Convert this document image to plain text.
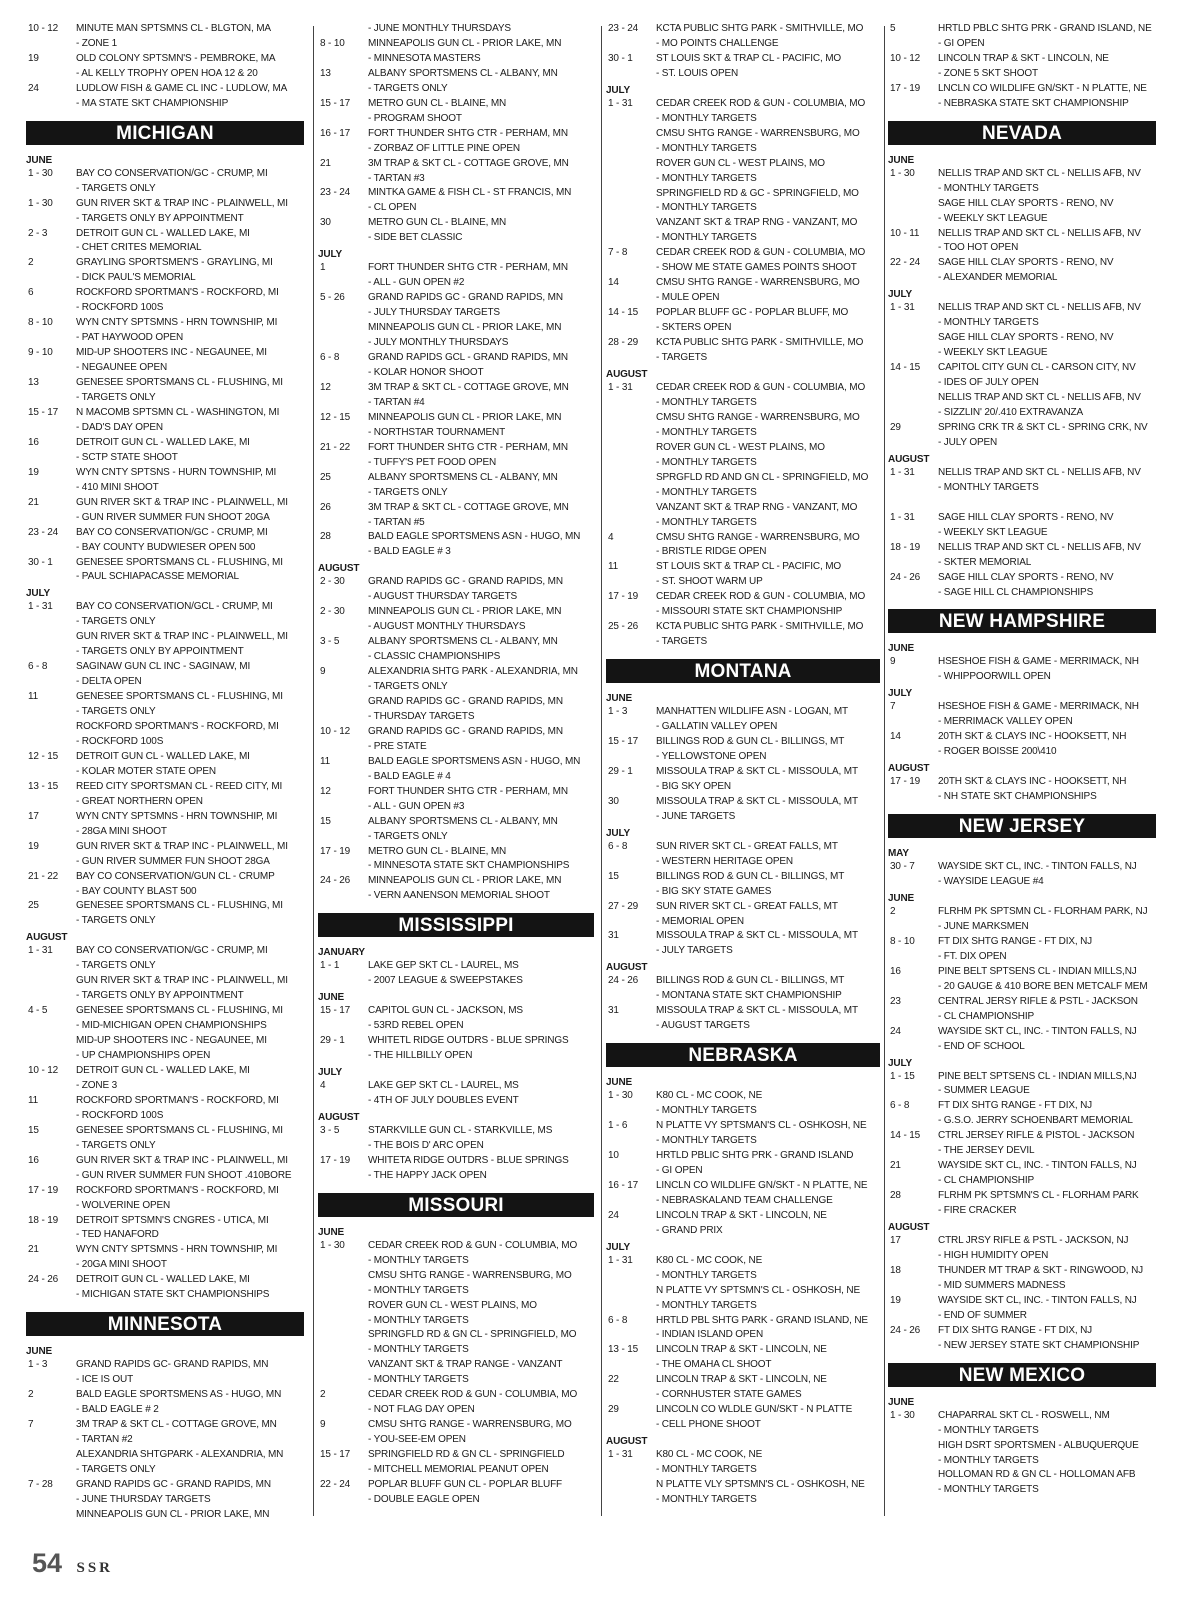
10 - 12 MINUTE MAN SPTSMNS CL - BLGTON, MA
- ZONE 1
19	OLD COLONY SPTSMN'S - PEMBROKE, MA
- AL KELLY TROPHY OPEN HOA 12 & 20
24	LUDLOW FISH & GAME CL INC - LUDLOW, MA
- MA STATE SKT CHAMPIONSHIP
MICHIGAN
JUNE
1 - 30 BAY CO CONSERVATION/GC - CRUMP, MI
- TARGETS ONLY
1 - 30 GUN RIVER SKT & TRAP INC - PLAINWELL, MI
- TARGETS ONLY BY APPOINTMENT
2 - 3	DETROIT GUN CL - WALLED LAKE, MI
- CHET CRITES MEMORIAL
2	GRAYLING SPORTSMEN'S - GRAYLING, MI
- DICK PAUL'S MEMORIAL
6	ROCKFORD SPORTMAN'S - ROCKFORD, MI
- ROCKFORD 100S
8 - 10 WYN CNTY SPTSMNS - HRN TOWNSHIP, MI
- PAT HAYWOOD OPEN
9 - 10 MID-UP SHOOTERS INC - NEGAUNEE, MI
- NEGAUNEE OPEN
13	GENESEE SPORTSMANS CL - FLUSHING, MI
- TARGETS ONLY
15 - 17 N MACOMB SPTSMN CL - WASHINGTON, MI
- DAD'S DAY OPEN
16	DETROIT GUN CL - WALLED LAKE, MI
- SCTP STATE SHOOT
19	WYN CNTY SPTSNS - HURN TOWNSHIP, MI
- 410 MINI SHOOT
21	GUN RIVER SKT & TRAP INC - PLAINWELL, MI
- GUN RIVER SUMMER FUN SHOOT 20GA
23 - 24 BAY CO CONSERVATION/GC - CRUMP, MI
- BAY COUNTY BUDWIESER OPEN 500
30 - 1 GENESEE SPORTSMANS CL - FLUSHING, MI
- PAUL SCHIAPACASSE MEMORIAL
JULY
1 - 31 BAY CO CONSERVATION/GCL - CRUMP, MI
- TARGETS ONLY
GUN RIVER SKT & TRAP INC - PLAINWELL, MI
- TARGETS ONLY BY APPOINTMENT
6 - 8	SAGINAW GUN CL INC - SAGINAW, MI
- DELTA OPEN
11	GENESEE SPORTSMANS CL - FLUSHING, MI
- TARGETS ONLY
ROCKFORD SPORTMAN'S - ROCKFORD, MI
- ROCKFORD 100S
12 - 15 DETROIT GUN CL - WALLED LAKE, MI
- KOLAR MOTER STATE OPEN
13 - 15 REED CITY SPORTSMAN CL - REED CITY, MI
- GREAT NORTHERN OPEN
17	WYN CNTY SPTSMNS - HRN TOWNSHIP, MI
- 28GA MINI SHOOT
19	GUN RIVER SKT & TRAP INC - PLAINWELL, MI
- GUN RIVER SUMMER FUN SHOOT 28GA
21 - 22 BAY CO CONSERVATION/GUN CL - CRUMP
- BAY COUNTY BLAST 500
25	GENESEE SPORTSMANS CL - FLUSHING, MI
- TARGETS ONLY
AUGUST
1 - 31 BAY CO CONSERVATION/GC - CRUMP, MI
- TARGETS ONLY
GUN RIVER SKT & TRAP INC - PLAINWELL, MI
- TARGETS ONLY BY APPOINTMENT
4 - 5	GENESEE SPORTSMANS CL - FLUSHING, MI
- MID-MICHIGAN OPEN CHAMPIONSHIPS
MID-UP SHOOTERS INC - NEGAUNEE, MI
- UP CHAMPIONSHIPS OPEN
10 - 12 DETROIT GUN CL - WALLED LAKE, MI
- ZONE 3
11	ROCKFORD SPORTMAN'S - ROCKFORD, MI
- ROCKFORD 100S
15	GENESEE SPORTSMANS CL - FLUSHING, MI
- TARGETS ONLY
16	GUN RIVER SKT & TRAP INC - PLAINWELL, MI
- GUN RIVER SUMMER FUN SHOOT .410BORE
17 - 19 ROCKFORD SPORTMAN'S - ROCKFORD, MI
- WOLVERINE OPEN
18 - 19 DETROIT SPTSMN'S CNGRES - UTICA, MI
- TED HANAFORD
21	WYN CNTY SPTSMNS - HRN TOWNSHIP, MI
- 20GA MINI SHOOT
24 - 26 DETROIT GUN CL - WALLED LAKE, MI
- MICHIGAN STATE SKT CHAMPIONSHIPS
MINNESOTA
JUNE
1 - 3	GRAND RAPIDS GC- GRAND RAPIDS, MN
- ICE IS OUT
2	BALD EAGLE SPORTSMENS AS - HUGO, MN
- BALD EAGLE # 2
7	3M TRAP & SKT CL - COTTAGE GROVE, MN
- TARTAN #2
ALEXANDRIA SHTGPARK - ALEXANDRIA, MN
- TARGETS ONLY
7 - 28 GRAND RAPIDS GC - GRAND RAPIDS, MN
- JUNE THURSDAY TARGETS
MINNEAPOLIS GUN CL - PRIOR LAKE, MN
- JUNE MONTHLY THURSDAYS
8 - 10 MINNEAPOLIS GUN CL - PRIOR LAKE, MN
- MINNESOTA MASTERS
13	ALBANY SPORTSMENS CL - ALBANY, MN
- TARGETS ONLY
15 - 17 METRO GUN CL - BLAINE, MN
- PROGRAM SHOOT
16 - 17 FORT THUNDER SHTG CTR - PERHAM, MN
- ZORBAZ OF LITTLE PINE OPEN
21	3M TRAP & SKT CL - COTTAGE GROVE, MN
- TARTAN #3
23 - 24 MINTKA GAME & FISH CL - ST FRANCIS, MN
- CL OPEN
30	METRO GUN CL - BLAINE, MN
- SIDE BET CLASSIC
JULY
1	FORT THUNDER SHTG CTR - PERHAM, MN
- ALL - GUN OPEN #2
5 - 26 GRAND RAPIDS GC - GRAND RAPIDS, MN
- JULY THURSDAY TARGETS
MINNEAPOLIS GUN CL - PRIOR LAKE, MN
- JULY MONTHLY THURSDAYS
6 - 8	GRAND RAPIDS GCL - GRAND RAPIDS, MN
- KOLAR HONOR SHOOT
12	3M TRAP & SKT CL - COTTAGE GROVE, MN
- TARTAN #4
12 - 15 MINNEAPOLIS GUN CL - PRIOR LAKE, MN
- NORTHSTAR TOURNAMENT
21 - 22 FORT THUNDER SHTG CTR - PERHAM, MN
- TUFFY'S PET FOOD OPEN
25	ALBANY SPORTSMENS CL - ALBANY, MN
- TARGETS ONLY
26	3M TRAP & SKT CL - COTTAGE GROVE, MN
- TARTAN #5
28	BALD EAGLE SPORTSMENS ASN - HUGO, MN
- BALD EAGLE # 3
AUGUST
2 - 30 GRAND RAPIDS GC - GRAND RAPIDS, MN
- AUGUST THURSDAY TARGETS
2 - 30 MINNEAPOLIS GUN CL - PRIOR LAKE, MN
- AUGUST MONTHLY THURSDAYS
3 - 5	ALBANY SPORTSMENS CL - ALBANY, MN
- CLASSIC CHAMPIONSHIPS
9	ALEXANDRIA SHTG PARK - ALEXANDRIA, MN
- TARGETS ONLY
GRAND RAPIDS GC - GRAND RAPIDS, MN
- THURSDAY TARGETS
10 - 12 GRAND RAPIDS GC - GRAND RAPIDS, MN
- PRE STATE
11	BALD EAGLE SPORTSMENS ASN - HUGO, MN
- BALD EAGLE # 4
12	FORT THUNDER SHTG CTR - PERHAM, MN
- ALL - GUN OPEN #3
15	ALBANY SPORTSMENS CL - ALBANY, MN
- TARGETS ONLY
17 - 19 METRO GUN CL - BLAINE, MN
- MINNESOTA STATE SKT CHAMPIONSHIPS
24 - 26 MINNEAPOLIS GUN CL - PRIOR LAKE, MN
- VERN AANENSON MEMORIAL SHOOT
MISSISSIPPI
JANUARY
1 - 1	LAKE GEP SKT CL - LAUREL, MS
- 2007 LEAGUE & SWEEPSTAKES
JUNE
15 - 17 CAPITOL GUN CL - JACKSON, MS
- 53RD REBEL OPEN
29 - 1 WHITETL RIDGE OUTDRS - BLUE SPRINGS
- THE HILLBILLY OPEN
JULY
4	LAKE GEP SKT CL - LAUREL, MS
- 4TH OF JULY DOUBLES EVENT
AUGUST
3 - 5	STARKVILLE GUN CL - STARKVILLE, MS
- THE BOIS D' ARC OPEN
17 - 19 WHITETA RIDGE OUTDRS - BLUE SPRINGS
- THE HAPPY JACK OPEN
MISSOURI
JUNE
1 - 30 CEDAR CREEK ROD & GUN - COLUMBIA, MO
- MONTHLY TARGETS
CMSU SHTG RANGE - WARRENSBURG, MO
- MONTHLY TARGETS
ROVER GUN CL - WEST PLAINS, MO
- MONTHLY TARGETS
SPRINGFLD RD & GN CL - SPRINGFIELD, MO
- MONTHLY TARGETS
VANZANT SKT & TRAP RANGE - VANZANT
- MONTHLY TARGETS
2	CEDAR CREEK ROD & GUN - COLUMBIA, MO
- NOT FLAG DAY OPEN
9	CMSU SHTG RANGE - WARRENSBURG, MO
- YOU-SEE-EM OPEN
15 - 17 SPRINGFIELD RD & GN CL - SPRINGFIELD
- MITCHELL MEMORIAL PEANUT OPEN
22 - 24 POPLAR BLUFF GUN CL - POPLAR BLUFF
- DOUBLE EAGLE OPEN
23 - 24 KCTA PUBLIC SHTG PARK - SMITHVILLE, MO
- MO POINTS CHALLENGE
30 - 1 ST LOUIS SKT & TRAP CL - PACIFIC, MO
- ST. LOUIS OPEN
JULY
1 - 31 CEDAR CREEK ROD & GUN - COLUMBIA, MO
- MONTHLY TARGETS
CMSU SHTG RANGE - WARRENSBURG, MO
- MONTHLY TARGETS
ROVER GUN CL - WEST PLAINS, MO
- MONTHLY TARGETS
SPRINGFIELD RD & GC - SPRINGFIELD, MO
- MONTHLY TARGETS
VANZANT SKT & TRAP RNG - VANZANT, MO
- MONTHLY TARGETS
7 - 8	CEDAR CREEK ROD & GUN - COLUMBIA, MO
- SHOW ME STATE GAMES POINTS SHOOT
14	CMSU SHTG RANGE - WARRENSBURG, MO
- MULE OPEN
14 - 15 POPLAR BLUFF GC - POPLAR BLUFF, MO
- SKTERS OPEN
28 - 29 KCTA PUBLIC SHTG PARK - SMITHVILLE, MO
- TARGETS
AUGUST
1 - 31 CEDAR CREEK ROD & GUN - COLUMBIA, MO
- MONTHLY TARGETS
CMSU SHTG RANGE - WARRENSBURG, MO
- MONTHLY TARGETS
ROVER GUN CL - WEST PLAINS, MO
- MONTHLY TARGETS
SPRGFLD RD AND GN CL - SPRINGFIELD, MO
- MONTHLY TARGETS
VANZANT SKT & TRAP RNG - VANZANT, MO
- MONTHLY TARGETS
4	CMSU SHTG RANGE - WARRENSBURG, MO
- BRISTLE RIDGE OPEN
11	ST LOUIS SKT & TRAP CL - PACIFIC, MO
- ST. SHOOT WARM UP
17 - 19 CEDAR CREEK ROD & GUN - COLUMBIA, MO
- MISSOURI STATE SKT CHAMPIONSHIP
25 - 26 KCTA PUBLIC SHTG PARK - SMITHVILLE, MO
- TARGETS
MONTANA
JUNE
1 - 3	MANHATTEN WILDLIFE ASN - LOGAN, MT
- GALLATIN VALLEY OPEN
15 - 17 BILLINGS ROD & GUN CL - BILLINGS, MT
- YELLOWSTONE OPEN
29 - 1 MISSOULA TRAP & SKT CL - MISSOULA, MT
- BIG SKY OPEN
30	MISSOULA TRAP & SKT CL - MISSOULA, MT
- JUNE TARGETS
JULY
6 - 8	SUN RIVER SKT CL - GREAT FALLS, MT
- WESTERN HERITAGE OPEN
15	BILLINGS ROD & GUN CL - BILLINGS, MT
- BIG SKY STATE GAMES
27 - 29 SUN RIVER SKT CL - GREAT FALLS, MT
- MEMORIAL OPEN
31	MISSOULA TRAP & SKT CL - MISSOULA, MT
- JULY TARGETS
AUGUST
24 - 26 BILLINGS ROD & GUN CL - BILLINGS, MT
- MONTANA STATE SKT CHAMPIONSHIP
31	MISSOULA TRAP & SKT CL - MISSOULA, MT
- AUGUST TARGETS
NEBRASKA
JUNE
1 - 30 K80 CL - MC COOK, NE
- MONTHLY TARGETS
1 - 6	N PLATTE VY SPTSMAN'S CL - OSHKOSH, NE
- MONTHLY TARGETS
10	HRTLD PBLIC SHTG PRK - GRAND ISLAND
- GI OPEN
16 - 17 LINCLN CO WILDLIFE GN/SKT - N PLATTE, NE
- NEBRASKALAND TEAM CHALLENGE
24	LINCOLN TRAP & SKT - LINCOLN, NE
- GRAND PRIX
JULY
1 - 31 K80 CL - MC COOK, NE
- MONTHLY TARGETS
N PLATTE VY SPTSMN'S CL - OSHKOSH, NE
- MONTHLY TARGETS
6 - 8	HRTLD PBL SHTG PARK - GRAND ISLAND, NE
- INDIAN ISLAND OPEN
13 - 15 LINCOLN TRAP & SKT - LINCOLN, NE
- THE OMAHA CL SHOOT
22	LINCOLN TRAP & SKT - LINCOLN, NE
- CORNHUSTER STATE GAMES
29	LINCOLN CO WLDLE GUN/SKT - N PLATTE
- CELL PHONE SHOOT
AUGUST
1 - 31 K80 CL - MC COOK, NE
- MONTHLY TARGETS
N PLATTE VLY SPTSMN'S CL - OSHKOSH, NE
- MONTHLY TARGETS
5	HRTLD PBLC SHTG PRK - GRAND ISLAND, NE
- GI OPEN
10 - 12 LINCOLN TRAP & SKT - LINCOLN, NE
- ZONE 5 SKT SHOOT
17 - 19 LNCLN CO WILDLIFE GN/SKT - N PLATTE, NE
- NEBRASKA STATE SKT CHAMPIONSHIP
NEVADA
JUNE
1 - 30 NELLIS TRAP AND SKT CL - NELLIS AFB, NV
- MONTHLY TARGETS
SAGE HILL CLAY SPORTS - RENO, NV
- WEEKLY SKT LEAGUE
10 - 11 NELLIS TRAP AND SKT CL - NELLIS AFB, NV
- TOO HOT OPEN
22 - 24 SAGE HILL CLAY SPORTS - RENO, NV
- ALEXANDER MEMORIAL
JULY
1 - 31 NELLIS TRAP AND SKT CL - NELLIS AFB, NV
- MONTHLY TARGETS
SAGE HILL CLAY SPORTS - RENO, NV
- WEEKLY SKT LEAGUE
14 - 15 CAPITOL CITY GUN CL - CARSON CITY, NV
- IDES OF JULY OPEN
NELLIS TRAP AND SKT CL - NELLIS AFB, NV
- SIZZLIN' 20/.410 EXTRAVANZA
29	SPRING CRK TR & SKT CL - SPRING CRK, NV
- JULY OPEN
AUGUST
1 - 31 NELLIS TRAP AND SKT CL - NELLIS AFB, NV
- MONTHLY TARGETS
1 - 31 SAGE HILL CLAY SPORTS - RENO, NV
- WEEKLY SKT LEAGUE
18 - 19 NELLIS TRAP AND SKT CL - NELLIS AFB, NV
- SKTER MEMORIAL
24 - 26 SAGE HILL CLAY SPORTS - RENO, NV
- SAGE HILL CL CHAMPIONSHIPS
NEW HAMPSHIRE
JUNE
9	HSESHOE FISH & GAME - MERRIMACK, NH
- WHIPPOORWILL OPEN
JULY
7	HSESHOE FISH & GAME - MERRIMACK, NH
- MERRIMACK VALLEY OPEN
14	20TH SKT & CLAYS INC - HOOKSETT, NH
- ROGER BOISSE 200\410
AUGUST
17 - 19 20TH SKT & CLAYS INC - HOOKSETT, NH
- NH STATE SKT CHAMPIONSHIPS
NEW JERSEY
MAY
30 - 7 WAYSIDE SKT CL, INC. - TINTON FALLS, NJ
- WAYSIDE LEAGUE #4
JUNE
2	FLRHM PK SPTSMN CL - FLORHAM PARK, NJ
- JUNE MARKSMEN
8 - 10 FT DIX SHTG RANGE - FT DIX, NJ
- FT. DIX OPEN
16	PINE BELT SPTSENS CL - INDIAN MILLS,NJ
- 20 GAUGE & 410 BORE BEN METCALF MEM
23	CENTRAL JERSY RIFLE & PSTL - JACKSON
- CL CHAMPIONSHIP
24	WAYSIDE SKT CL, INC. - TINTON FALLS, NJ
- END OF SCHOOL
JULY
1 - 15 PINE BELT SPTSENS CL - INDIAN MILLS,NJ
- SUMMER LEAGUE
6 - 8	FT DIX SHTG RANGE - FT DIX, NJ
- G.S.O. JERRY SCHOENBART MEMORIAL
14 - 15 CTRL JERSEY RIFLE & PISTOL - JACKSON
- THE JERSEY DEVIL
21	WAYSIDE SKT CL, INC. - TINTON FALLS, NJ
- CL CHAMPIONSHIP
28	FLRHM PK SPTSMN'S CL - FLORHAM PARK
- FIRE CRACKER
AUGUST
17	CTRL JRSY RIFLE & PSTL - JACKSON, NJ
- HIGH HUMIDITY OPEN
18	THUNDER MT TRAP & SKT - RINGWOOD, NJ
- MID SUMMERS MADNESS
19	WAYSIDE SKT CL, INC. - TINTON FALLS, NJ
- END OF SUMMER
24 - 26 FT DIX SHTG RANGE - FT DIX, NJ
- NEW JERSEY STATE SKT CHAMPIONSHIP
NEW MEXICO
JUNE
1 - 30 CHAPARRAL SKT CL - ROSWELL, NM
- MONTHLY TARGETS
HIGH DSRT SPORTSMEN - ALBUQUERQUE
- MONTHLY TARGETS
HOLLOMAN RD & GN CL - HOLLOMAN AFB
- MONTHLY TARGETS
54 SSR
